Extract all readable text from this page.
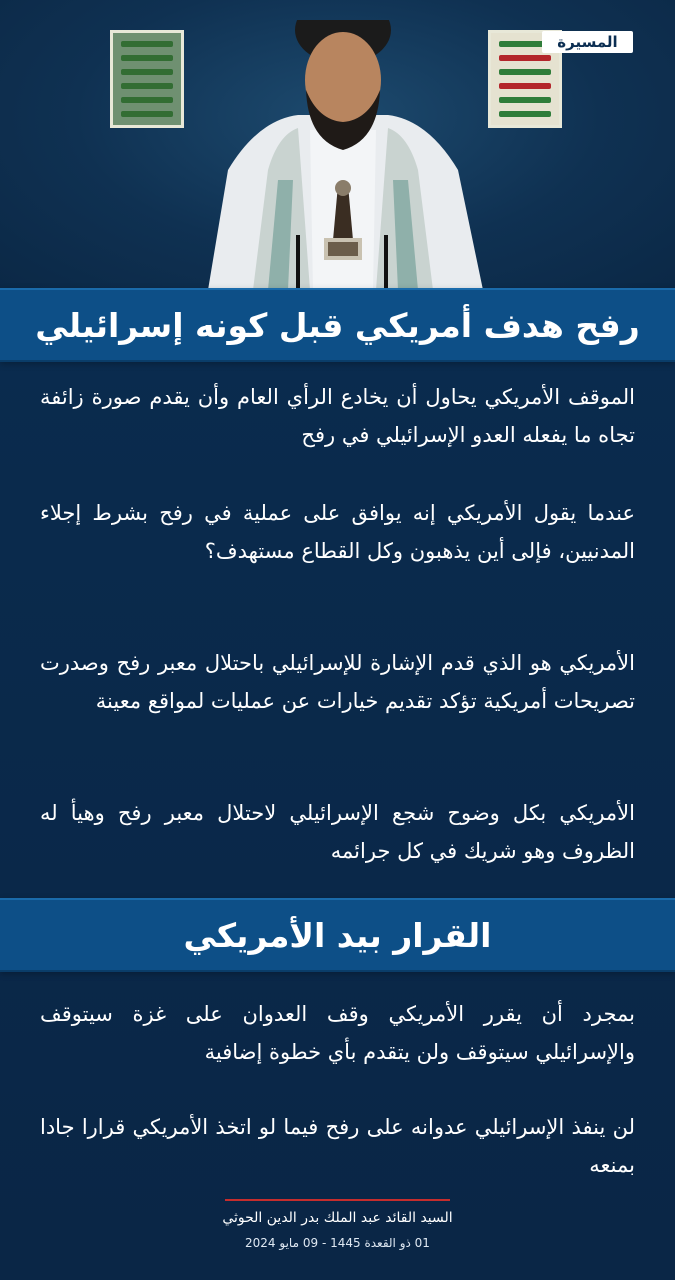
المسيرة
رفح هدف أمريكي قبل كونه إسرائيلي
الموقف الأمريكي يحاول أن يخادع الرأي العام وأن يقدم صورة زائفة تجاه ما يفعله العدو الإسرائيلي في رفح
عندما يقول الأمريكي إنه يوافق على عملية في رفح بشرط إجلاء المدنيين، فإلى أين يذهبون وكل القطاع مستهدف؟
الأمريكي هو الذي قدم الإشارة للإسرائيلي باحتلال معبر رفح وصدرت تصريحات أمريكية تؤكد تقديم خيارات عن عمليات لمواقع معينة
الأمريكي بكل وضوح شجع الإسرائيلي لاحتلال معبر رفح وهيأ له الظروف وهو شريك في كل جرائمه
القرار بيد الأمريكي
بمجرد أن يقرر الأمريكي وقف العدوان على غزة سيتوقف والإسرائيلي سيتوقف ولن يتقدم بأي خطوة إضافية
لن ينفذ الإسرائيلي عدوانه على رفح فيما لو اتخذ الأمريكي قرارا جادا بمنعه
السيد القائد عبد الملك بدر الدين الحوثي
01 ذو القعدة 1445 - 09 مايو 2024
